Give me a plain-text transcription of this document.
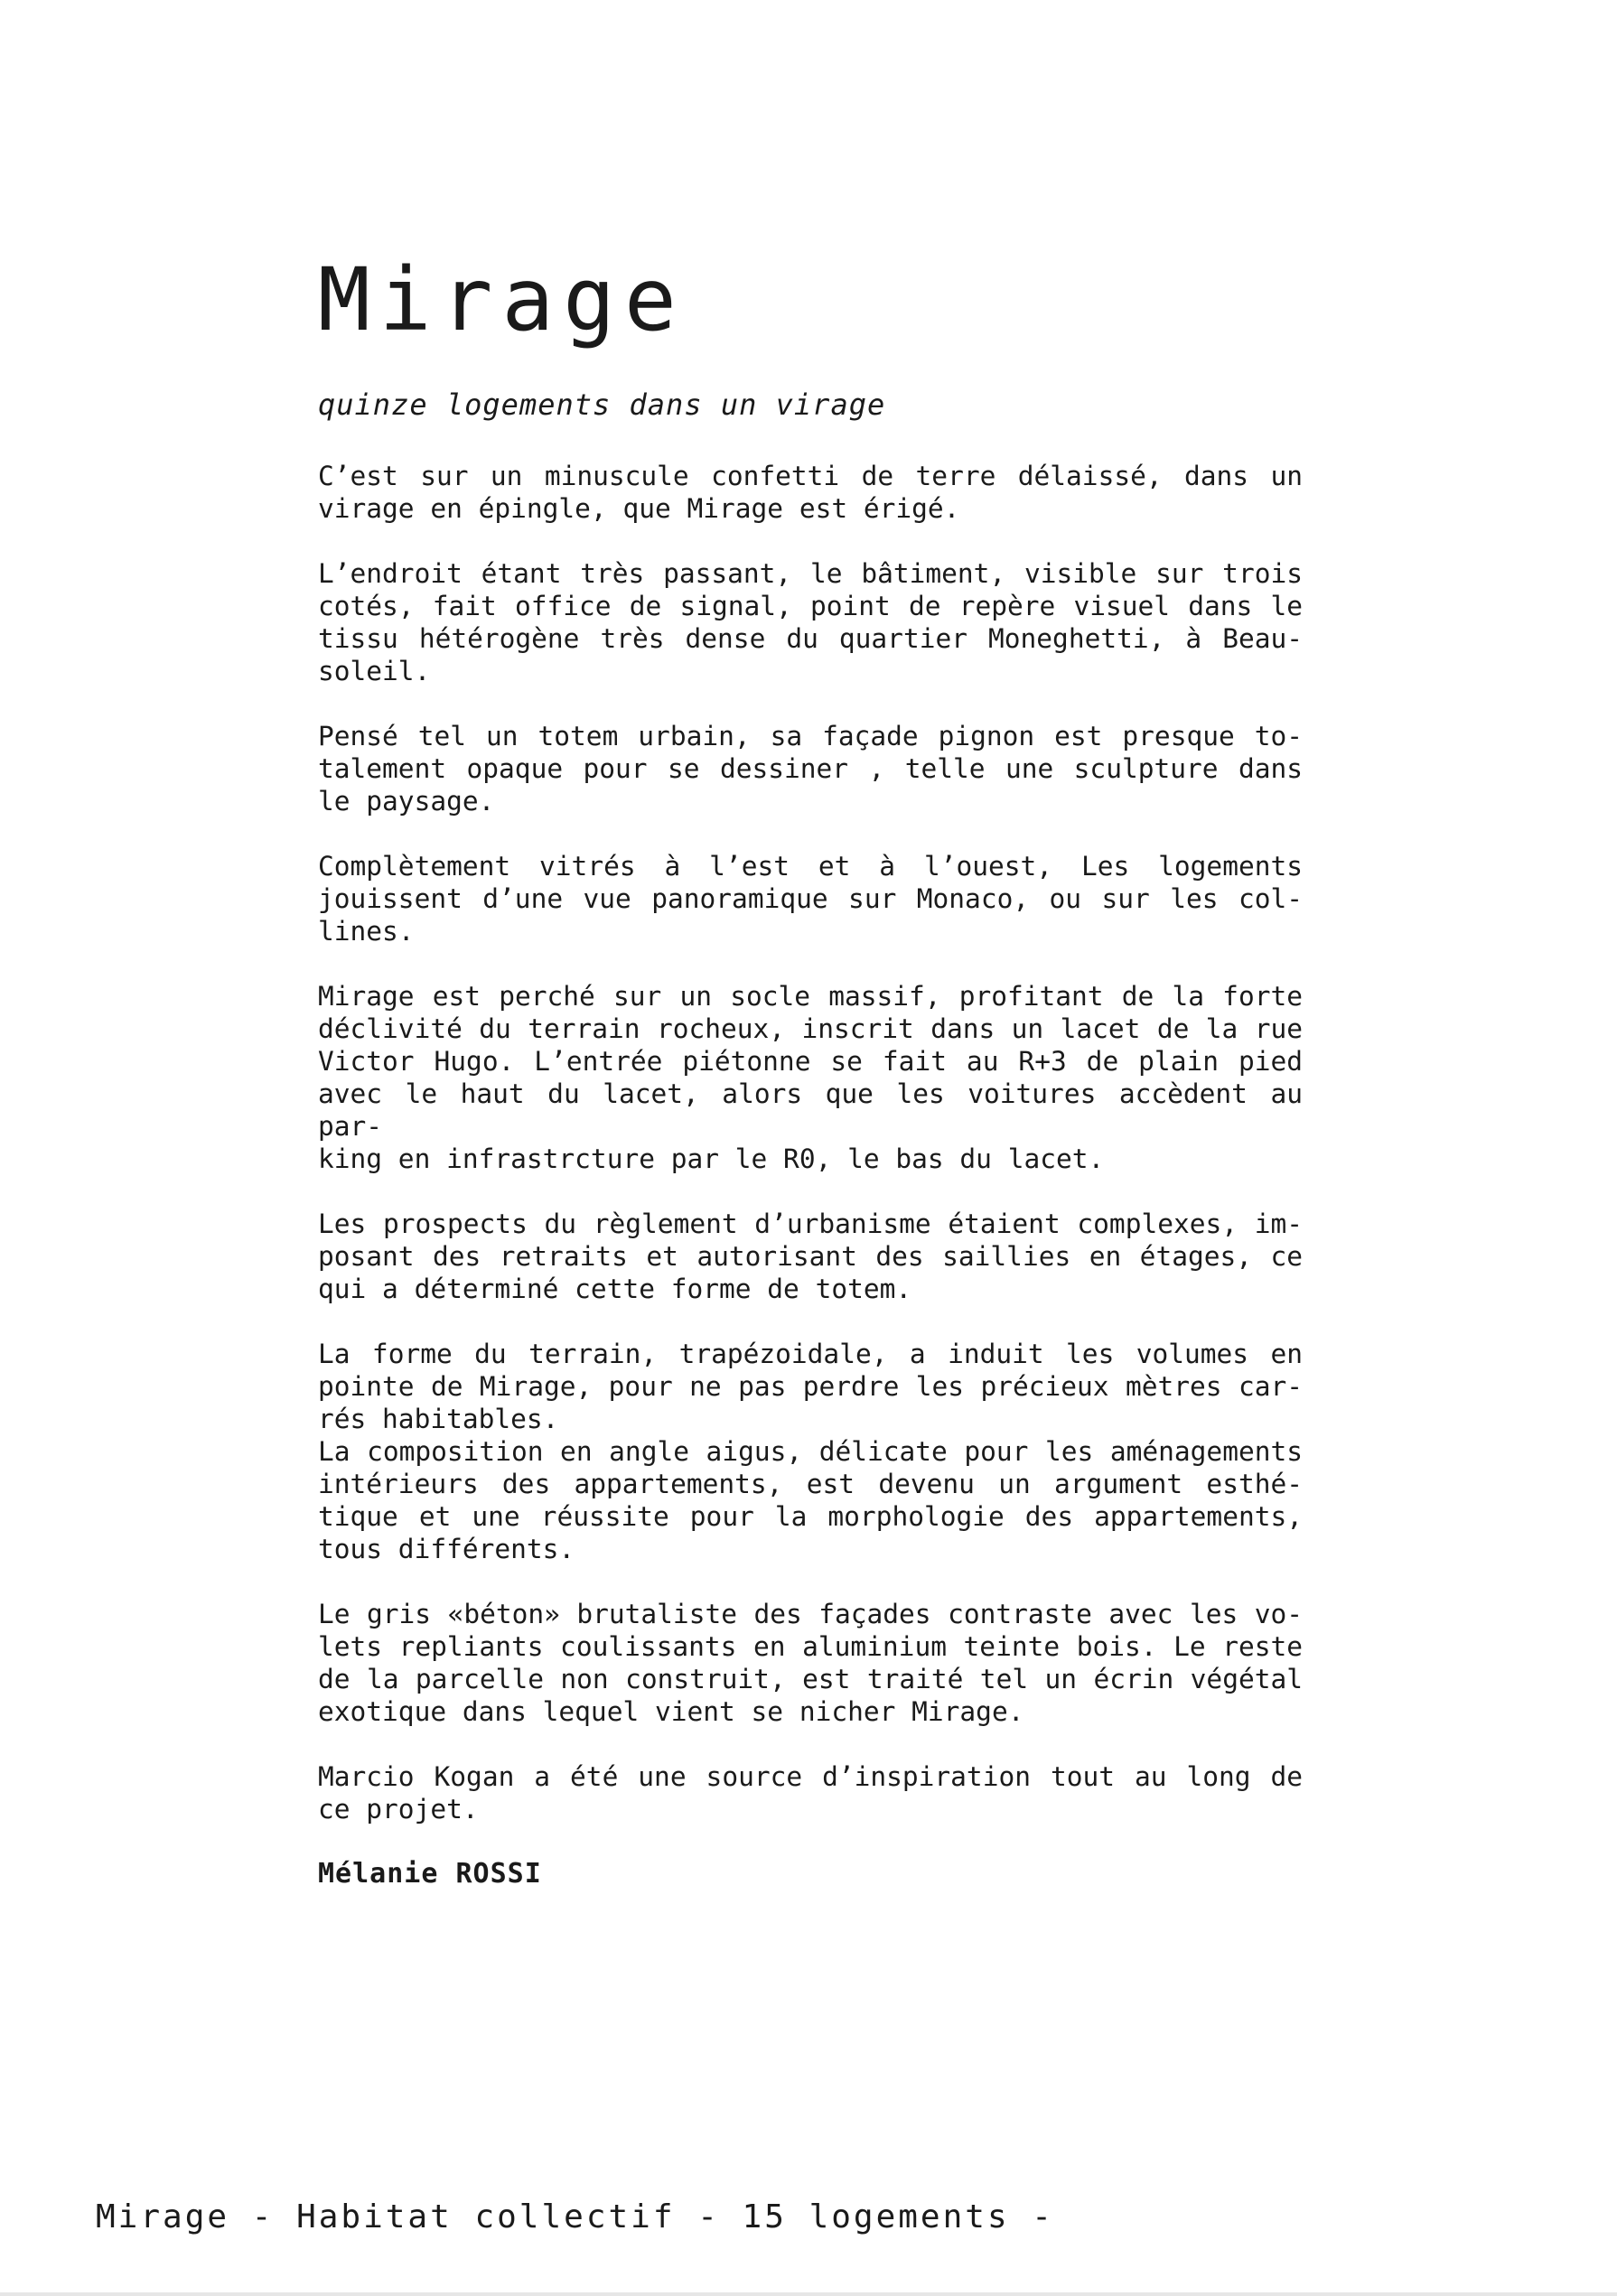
Mirage

quinze logements dans un virage

C’est sur un minuscule confetti de terre délaissé, dans un
virage en épingle, que Mirage est érigé.

L’endroit étant très passant, le bâtiment, visible sur trois
cotés, fait office de signal, point de repère visuel dans le
tissu hétérogène très dense du quartier Moneghetti, à Beau-
soleil.

Pensé tel un totem urbain, sa façade pignon est presque to-
talement opaque pour se dessiner , telle une sculpture dans
le paysage.

Complètement vitrés à l’est et à l’ouest, Les logements
jouissent d’une vue panoramique sur Monaco, ou sur les col-
lines.

Mirage est perché sur un socle massif, profitant de la forte
déclivité du terrain rocheux, inscrit dans un lacet de la rue
Victor Hugo. L’entrée piétonne se fait au R+3 de plain pied
avec le haut du lacet, alors que les voitures accèdent au par-
king en infrastrcture par le R0, le bas du lacet.

Les prospects du règlement d’urbanisme étaient complexes, im-
posant des retraits et autorisant des saillies en étages, ce
qui a déterminé cette forme de totem.

La forme du terrain, trapézoidale, a induit les volumes en
pointe de Mirage, pour ne pas perdre les précieux mètres car-
rés habitables.
La composition en angle aigus, délicate pour les aménagements
intérieurs des appartements, est devenu un argument esthé-
tique et une réussite pour la morphologie des appartements,
tous différents.

Le gris «béton» brutaliste des façades contraste avec les vo-
lets repliants coulissants en aluminium teinte bois. Le reste
de la parcelle non construit, est traité tel un écrin végétal
exotique dans lequel vient se nicher Mirage.

Marcio Kogan a été une source d’inspiration tout au long de
ce projet.

Mélanie ROSSI

Mirage - Habitat collectif - 15 logements -
